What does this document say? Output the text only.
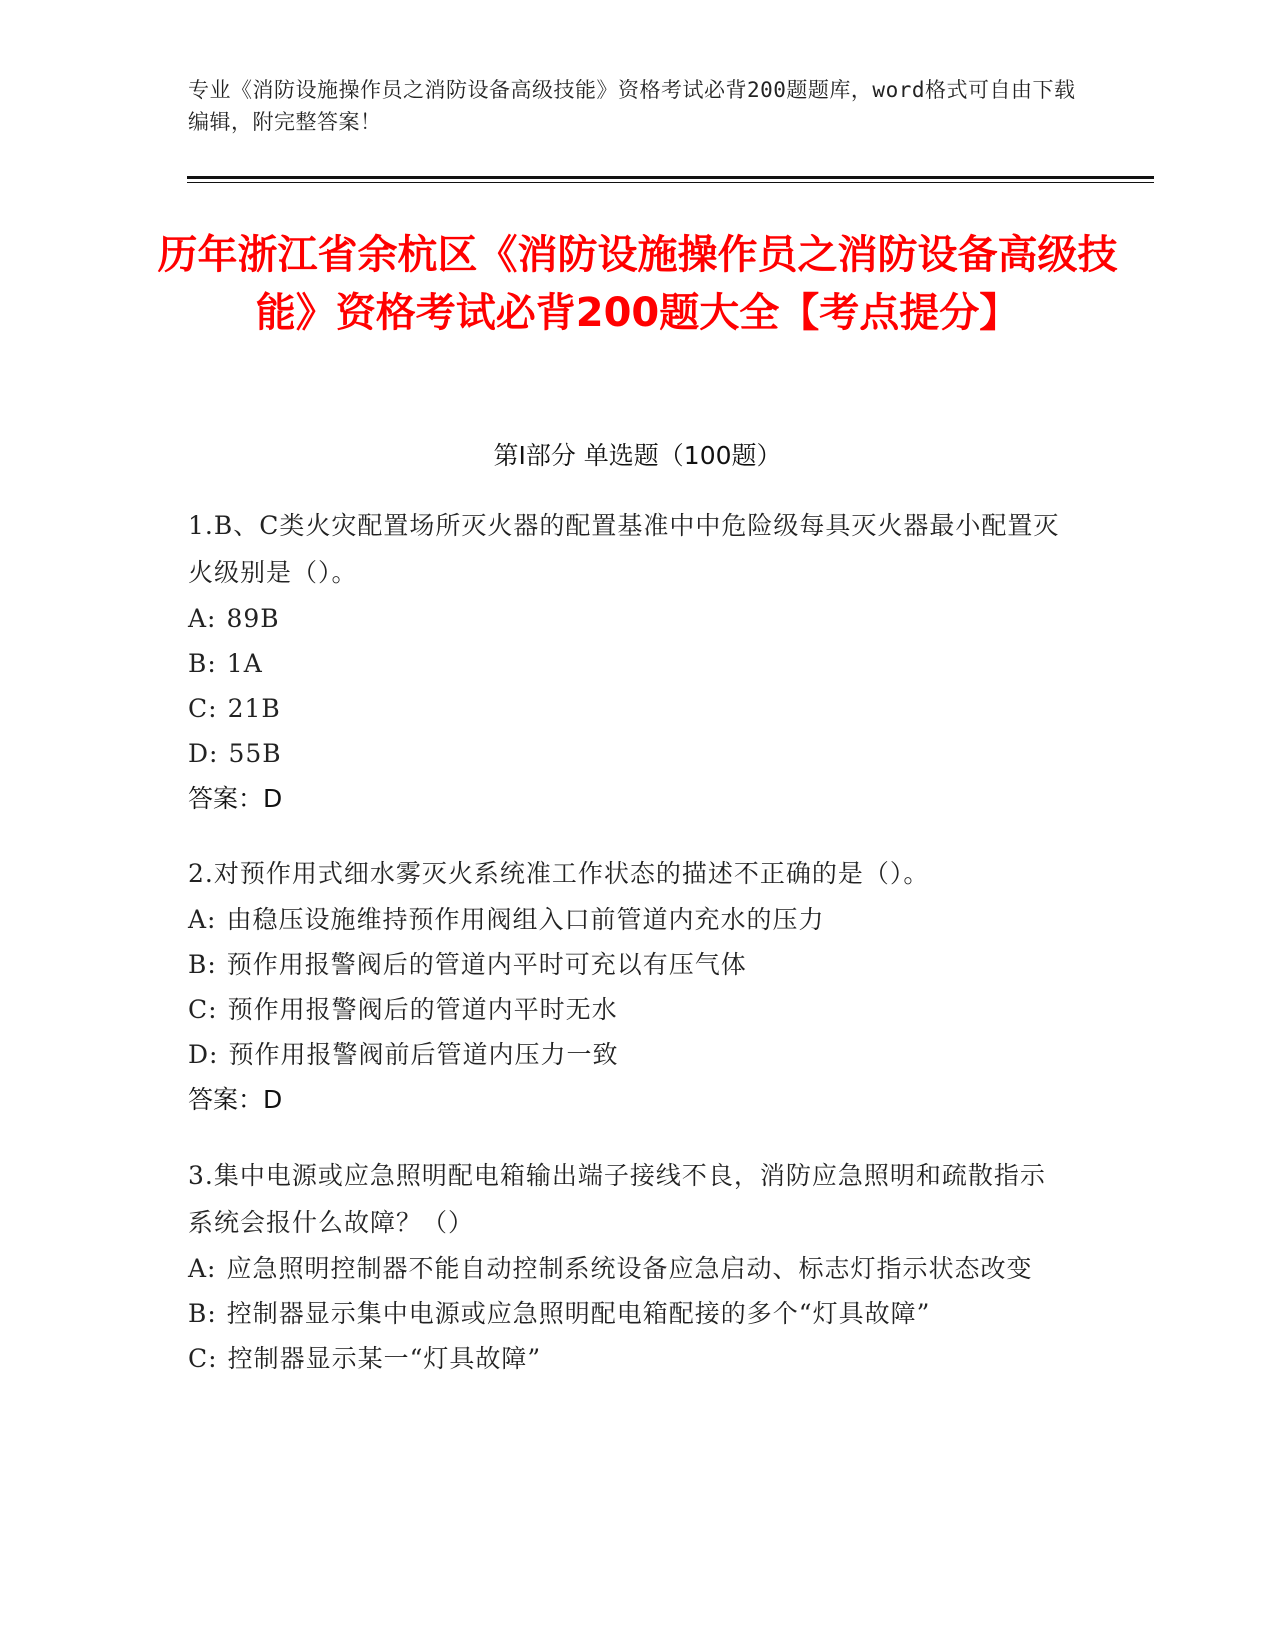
专业《消防设施操作员之消防设备高级技能》资格考试必背200题题库，word格式可自由下载编辑，附完整答案！
历年浙江省余杭区《消防设施操作员之消防设备高级技能》资格考试必背200题大全【考点提分】
第I部分 单选题（100题）
1.B、C类火灾配置场所灭火器的配置基准中中危险级每具灭火器最小配置灭火级别是（）。
A: 89B
B: 1A
C: 21B
D: 55B
答案：D
2.对预作用式细水雾灭火系统准工作状态的描述不正确的是（）。
A: 由稳压设施维持预作用阀组入口前管道内充水的压力
B: 预作用报警阀后的管道内平时可充以有压气体
C: 预作用报警阀后的管道内平时无水
D: 预作用报警阀前后管道内压力一致
答案：D
3.集中电源或应急照明配电箱输出端子接线不良，消防应急照明和疏散指示系统会报什么故障？（）
A: 应急照明控制器不能自动控制系统设备应急启动、标志灯指示状态改变
B: 控制器显示集中电源或应急照明配电箱配接的多个“灯具故障”
C: 控制器显示某一“灯具故障”
